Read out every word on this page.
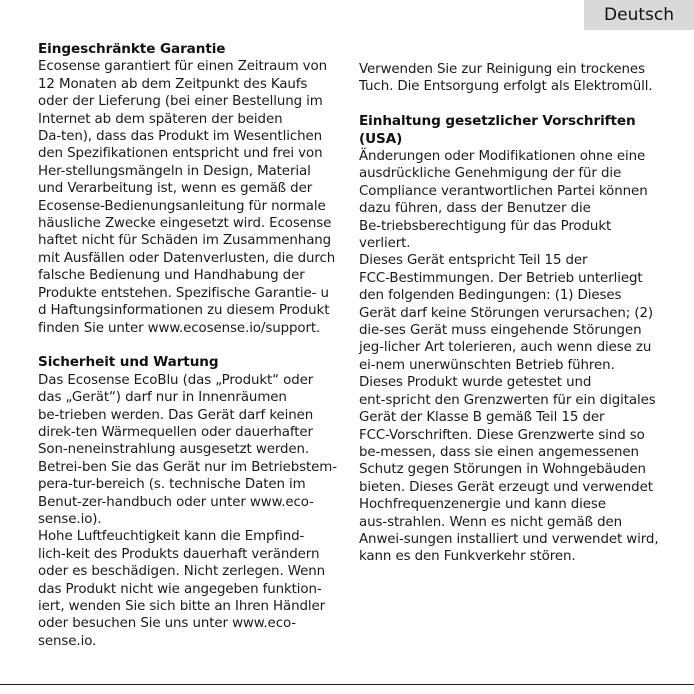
Deutsch
Eingeschränkte Garantie

Ecosense garantiert für einen Zeitraum von

12 Monaten ab dem Zeitpunkt des Kaufs

oder der Lieferung (bei einer Bestellung im

Internet ab dem späteren der beiden

Da-ten), dass das Produkt im Wesentlichen

den Spezifikationen entspricht und frei von

Her-stellungsmängeln in Design, Material

und Verarbeitung ist, wenn es gemäß der

Ecosense-Bedienungsanleitung für normale

häusliche Zwecke eingesetzt wird. Ecosense

haftet nicht für Schäden im Zusammenhang

mit Ausfällen oder Datenverlusten, die durch

falsche Bedienung und Handhabung der

Produkte entstehen. Spezifische Garantie- u

d Haftungsinformationen zu diesem Produkt

finden Sie unter www.ecosense.io/support.

Sicherheit und Wartung

Das Ecosense EcoBlu (das „Produkt“ oder

das „Gerät“) darf nur in Innenräumen

be-trieben werden. Das Gerät darf keinen

direk-ten Wärmequellen oder dauerhafter

Son-neneinstrahlung ausgesetzt werden.

Betrei-ben Sie das Gerät nur im Betriebstem-

pera-tur-bereich (s. technische Daten im

Benut-zer-handbuch oder unter www.eco-

sense.io).

Hohe Luftfeuchtigkeit kann die Empfind-

lich-keit des Produkts dauerhaft verändern

oder es beschädigen. Nicht zerlegen. Wenn

das Produkt nicht wie angegeben funktion-

iert, wenden Sie sich bitte an Ihren Händler

oder besuchen Sie uns unter www.eco-

sense.io.

Verwenden Sie zur Reinigung ein trockenes

Tuch. Die Entsorgung erfolgt als Elektromüll.

Einhaltung gesetzlicher Vorschriften (USA)

Änderungen oder Modifikationen ohne eine

ausdrückliche Genehmigung der für die

Compliance verantwortlichen Partei können

dazu führen, dass der Benutzer die

Be-triebsberechtigung für das Produkt

verliert.

Dieses Gerät entspricht Teil 15 der

FCC-Bestimmungen. Der Betrieb unterliegt

den folgenden Bedingungen: (1) Dieses

Gerät darf keine Störungen verursachen; (2)

die-ses Gerät muss eingehende Störungen

jeg-licher Art tolerieren, auch wenn diese zu

ei-nem unerwünschten Betrieb führen.

Dieses Produkt wurde getestet und

ent-spricht den Grenzwerten für ein digitales

Gerät der Klasse B gemäß Teil 15 der

FCC-Vorschriften. Diese Grenzwerte sind so

be-messen, dass sie einen angemessenen

Schutz gegen Störungen in Wohngebäuden

bieten. Dieses Gerät erzeugt und verwendet

Hochfrequenzenergie und kann diese

aus-strahlen. Wenn es nicht gemäß den

Anwei-sungen installiert und verwendet wird,

kann es den Funkverkehr stören.
